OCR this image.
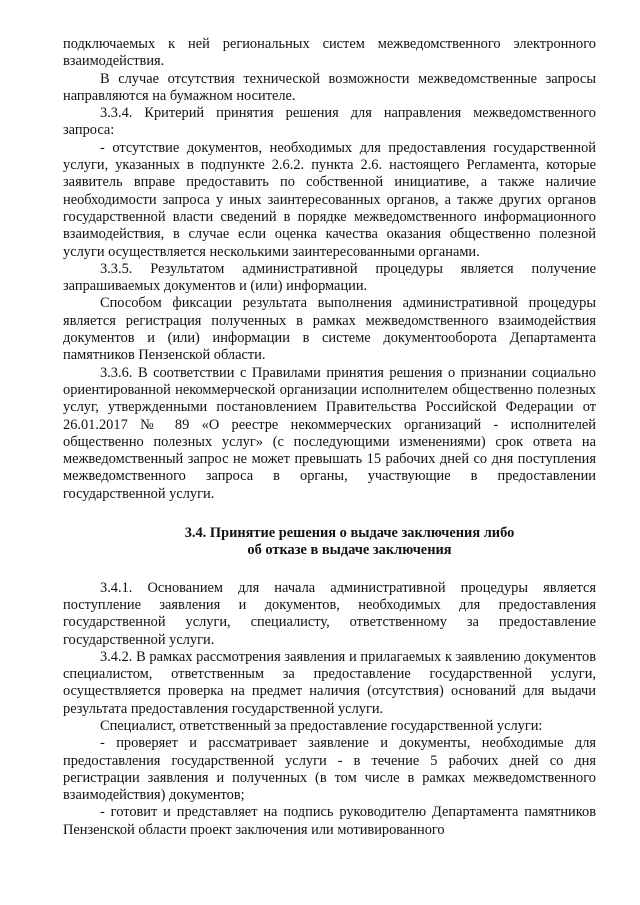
подключаемых к ней региональных систем межведомственного электронного взаимодействия.

В случае отсутствия технической возможности межведомственные запросы направляются на бумажном носителе.

3.3.4. Критерий принятия решения для направления межведомственного запроса:

- отсутствие документов, необходимых для предоставления государственной услуги, указанных в подпункте 2.6.2. пункта 2.6. настоящего Регламента, которые заявитель вправе предоставить по собственной инициативе, а также наличие необходимости запроса у иных заинтересованных органов, а также других органов государственной власти сведений в порядке межведомственного информационного взаимодействия, в случае если оценка качества оказания общественно полезной услуги осуществляется несколькими заинтересованными органами.

3.3.5. Результатом административной процедуры является получение запрашиваемых документов и (или) информации.

Способом фиксации результата выполнения административной процедуры является регистрация полученных в рамках межведомственного взаимодействия документов и (или) информации в системе документооборота Департамента памятников Пензенской области.

3.3.6. В соответствии с Правилами принятия решения о признании социально ориентированной некоммерческой организации исполнителем общественно полезных услуг, утвержденными постановлением Правительства Российской Федерации от 26.01.2017 № 89 «О реестре некоммерческих организаций - исполнителей общественно полезных услуг» (с последующими изменениями) срок ответа на межведомственный запрос не может превышать 15 рабочих дней со дня поступления межведомственного запроса в органы, участвующие в предоставлении государственной услуги.

3.4. Принятие решения о выдаче заключения либо
об отказе в выдаче заключения

3.4.1. Основанием для начала административной процедуры является поступление заявления и документов, необходимых для предоставления государственной услуги, специалисту, ответственному за предоставление государственной услуги.

3.4.2. В рамках рассмотрения заявления и прилагаемых к заявлению документов специалистом, ответственным за предоставление государственной услуги, осуществляется проверка на предмет наличия (отсутствия) оснований для выдачи результата предоставления государственной услуги.

Специалист, ответственный за предоставление государственной услуги:

- проверяет и рассматривает заявление и документы, необходимые для предоставления государственной услуги - в течение 5 рабочих дней со дня регистрации заявления и полученных (в том числе в рамках межведомственного взаимодействия) документов;

- готовит и представляет на подпись руководителю Департамента памятников Пензенской области проект заключения или мотивированного
